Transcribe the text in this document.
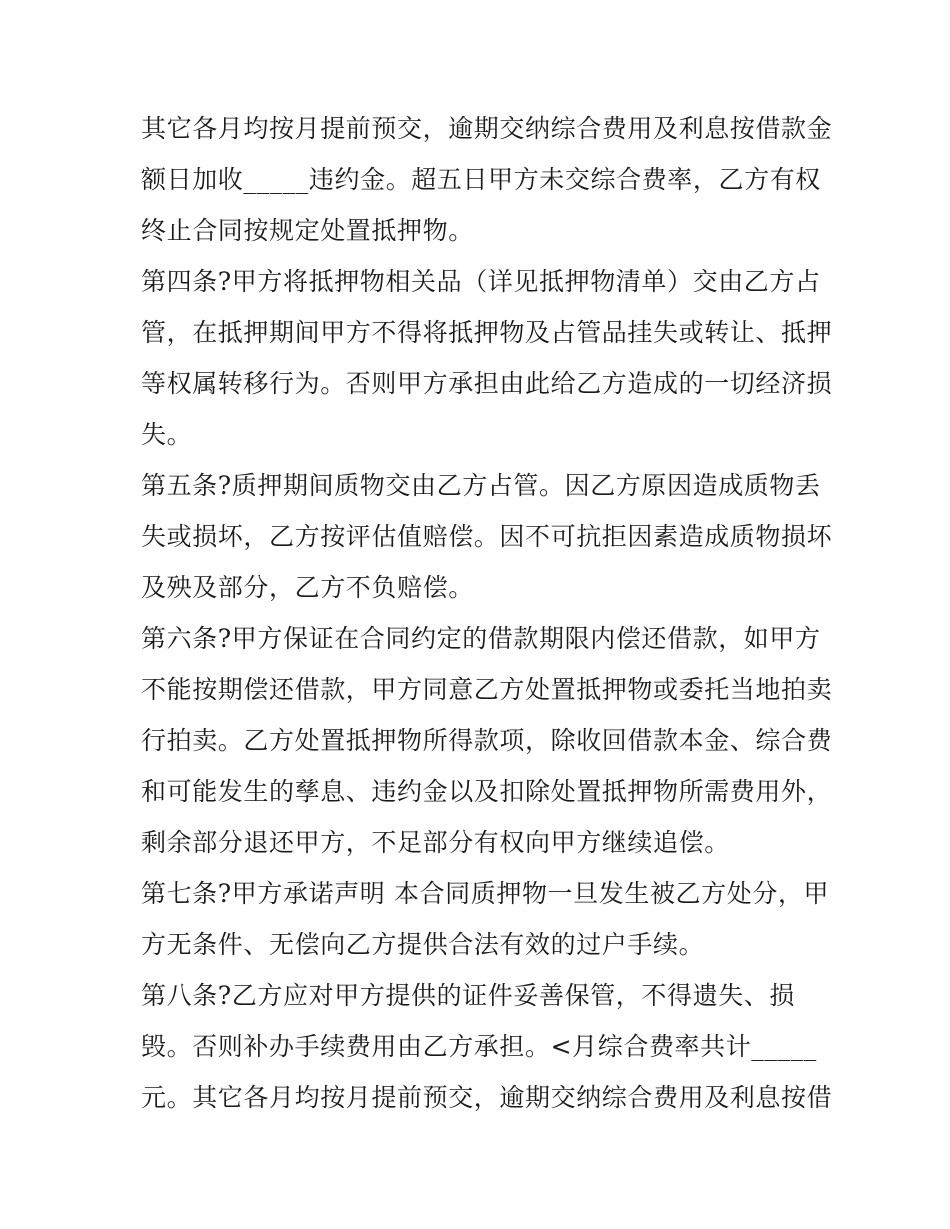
其它各月均按月提前预交，逾期交纳综合费用及利息按借款金
额日加收_____违约金。超五日甲方未交综合费率，乙方有权
终止合同按规定处置抵押物。
第四条?甲方将抵押物相关品（详见抵押物清单）交由乙方占
管，在抵押期间甲方不得将抵押物及占管品挂失或转让、抵押
等权属转移行为。否则甲方承担由此给乙方造成的一切经济损
失。
第五条?质押期间质物交由乙方占管。因乙方原因造成质物丢
失或损坏，乙方按评估值赔偿。因不可抗拒因素造成质物损坏
及殃及部分，乙方不负赔偿。
第六条?甲方保证在合同约定的借款期限内偿还借款，如甲方
不能按期偿还借款，甲方同意乙方处置抵押物或委托当地拍卖
行拍卖。乙方处置抵押物所得款项，除收回借款本金、综合费
和可能发生的孳息、违约金以及扣除处置抵押物所需费用外，
剩余部分退还甲方，不足部分有权向甲方继续追偿。
第七条?甲方承诺声明 本合同质押物一旦发生被乙方处分，甲
方无条件、无偿向乙方提供合法有效的过户手续。
第八条?乙方应对甲方提供的证件妥善保管，不得遗失、损
毁。否则补办手续费用由乙方承担。<月综合费率共计_____
元。其它各月均按月提前预交，逾期交纳综合费用及利息按借
